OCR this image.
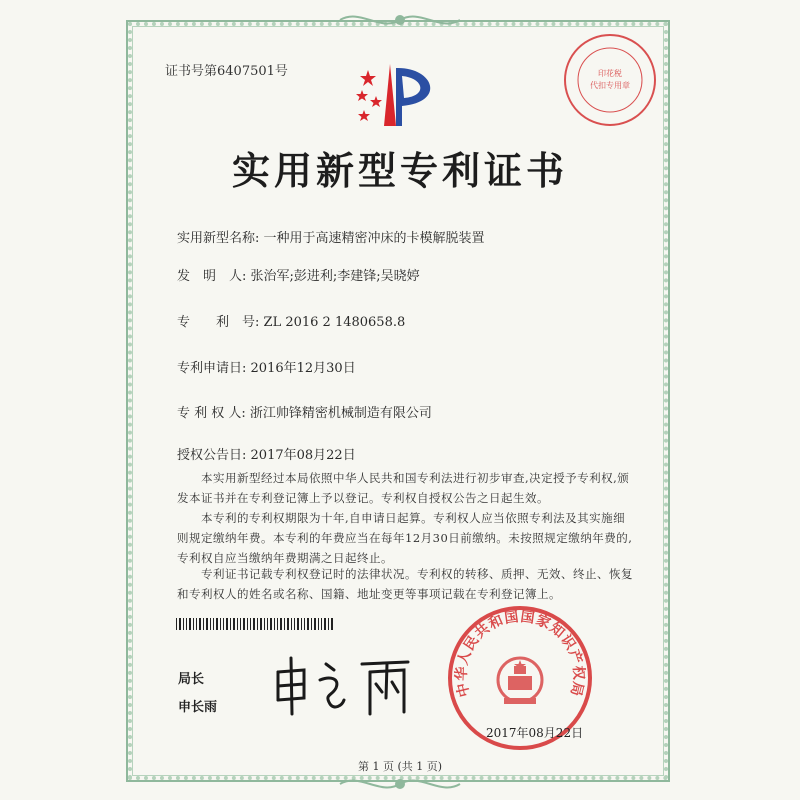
证书号第6407501号	印花税
代扣专用章
实用新型专利证书
实用新型名称: 一种用于高速精密冲床的卡模解脱装置
发　明　人: 张治军;彭进利;李建锋;吴晓婷
专　　利　号: ZL 2016 2 1480658.8
专利申请日: 2016年12月30日
专 利 权 人: 浙江帅锋精密机械制造有限公司
授权公告日: 2017年08月22日
　　本实用新型经过本局依照中华人民共和国专利法进行初步审查,决定授予专利权,颁发本证书并在专利登记簿上予以登记。专利权自授权公告之日起生效。
　　本专利的专利权期限为十年,自申请日起算。专利权人应当依照专利法及其实施细则规定缴纳年费。本专利的年费应当在每年12月30日前缴纳。未按照规定缴纳年费的,专利权自应当缴纳年费期满之日起终止。
　　专利证书记载专利权登记时的法律状况。专利权的转移、质押、无效、终止、恢复和专利权人的姓名或名称、国籍、地址变更等事项记载在专利登记簿上。
局长
申长雨
中华人民共和国国家知识产权局
2017年08月22日
第 1 页 (共 1 页)
